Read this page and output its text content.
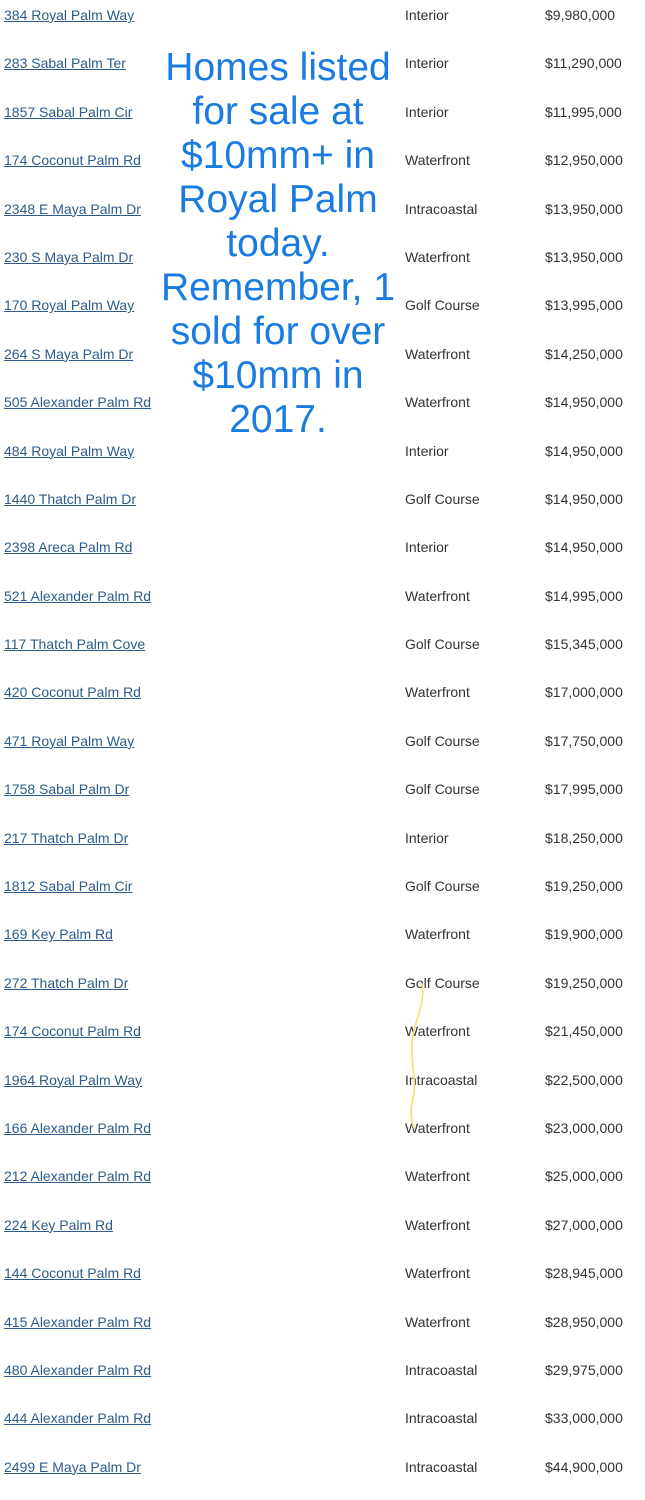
384 Royal Palm Way	Interior	$9,980,000
283 Sabal Palm Ter	Interior	$11,290,000
1857 Sabal Palm Cir	Interior	$11,995,000
174 Coconut Palm Rd	Waterfront	$12,950,000
2348 E Maya Palm Dr	Intracoastal	$13,950,000
230 S Maya Palm Dr	Waterfront	$13,950,000
170 Royal Palm Way	Golf Course	$13,995,000
264 S Maya Palm Dr	Waterfront	$14,250,000
505 Alexander Palm Rd	Waterfront	$14,950,000
484 Royal Palm Way	Interior	$14,950,000
1440 Thatch Palm Dr	Golf Course	$14,950,000
2398 Areca Palm Rd	Interior	$14,950,000
521 Alexander Palm Rd	Waterfront	$14,995,000
117 Thatch Palm Cove	Golf Course	$15,345,000
420 Coconut Palm Rd	Waterfront	$17,000,000
471 Royal Palm Way	Golf Course	$17,750,000
1758 Sabal Palm Dr	Golf Course	$17,995,000
217 Thatch Palm Dr	Interior	$18,250,000
1812 Sabal Palm Cir	Golf Course	$19,250,000
169 Key Palm Rd	Waterfront	$19,900,000
272 Thatch Palm Dr	Golf Course	$19,250,000
174 Coconut Palm Rd	Waterfront	$21,450,000
1964 Royal Palm Way	Intracoastal	$22,500,000
166 Alexander Palm Rd	Waterfront	$23,000,000
212 Alexander Palm Rd	Waterfront	$25,000,000
224 Key Palm Rd	Waterfront	$27,000,000
144 Coconut Palm Rd	Waterfront	$28,945,000
415 Alexander Palm Rd	Waterfront	$28,950,000
480 Alexander Palm Rd	Intracoastal	$29,975,000
444 Alexander Palm Rd	Intracoastal	$33,000,000
2499 E Maya Palm Dr	Intracoastal	$44,900,000
Homes listed
for sale at
$10mm+ in
Royal Palm
today.
Remember, 1
sold for over
$10mm in
2017.
